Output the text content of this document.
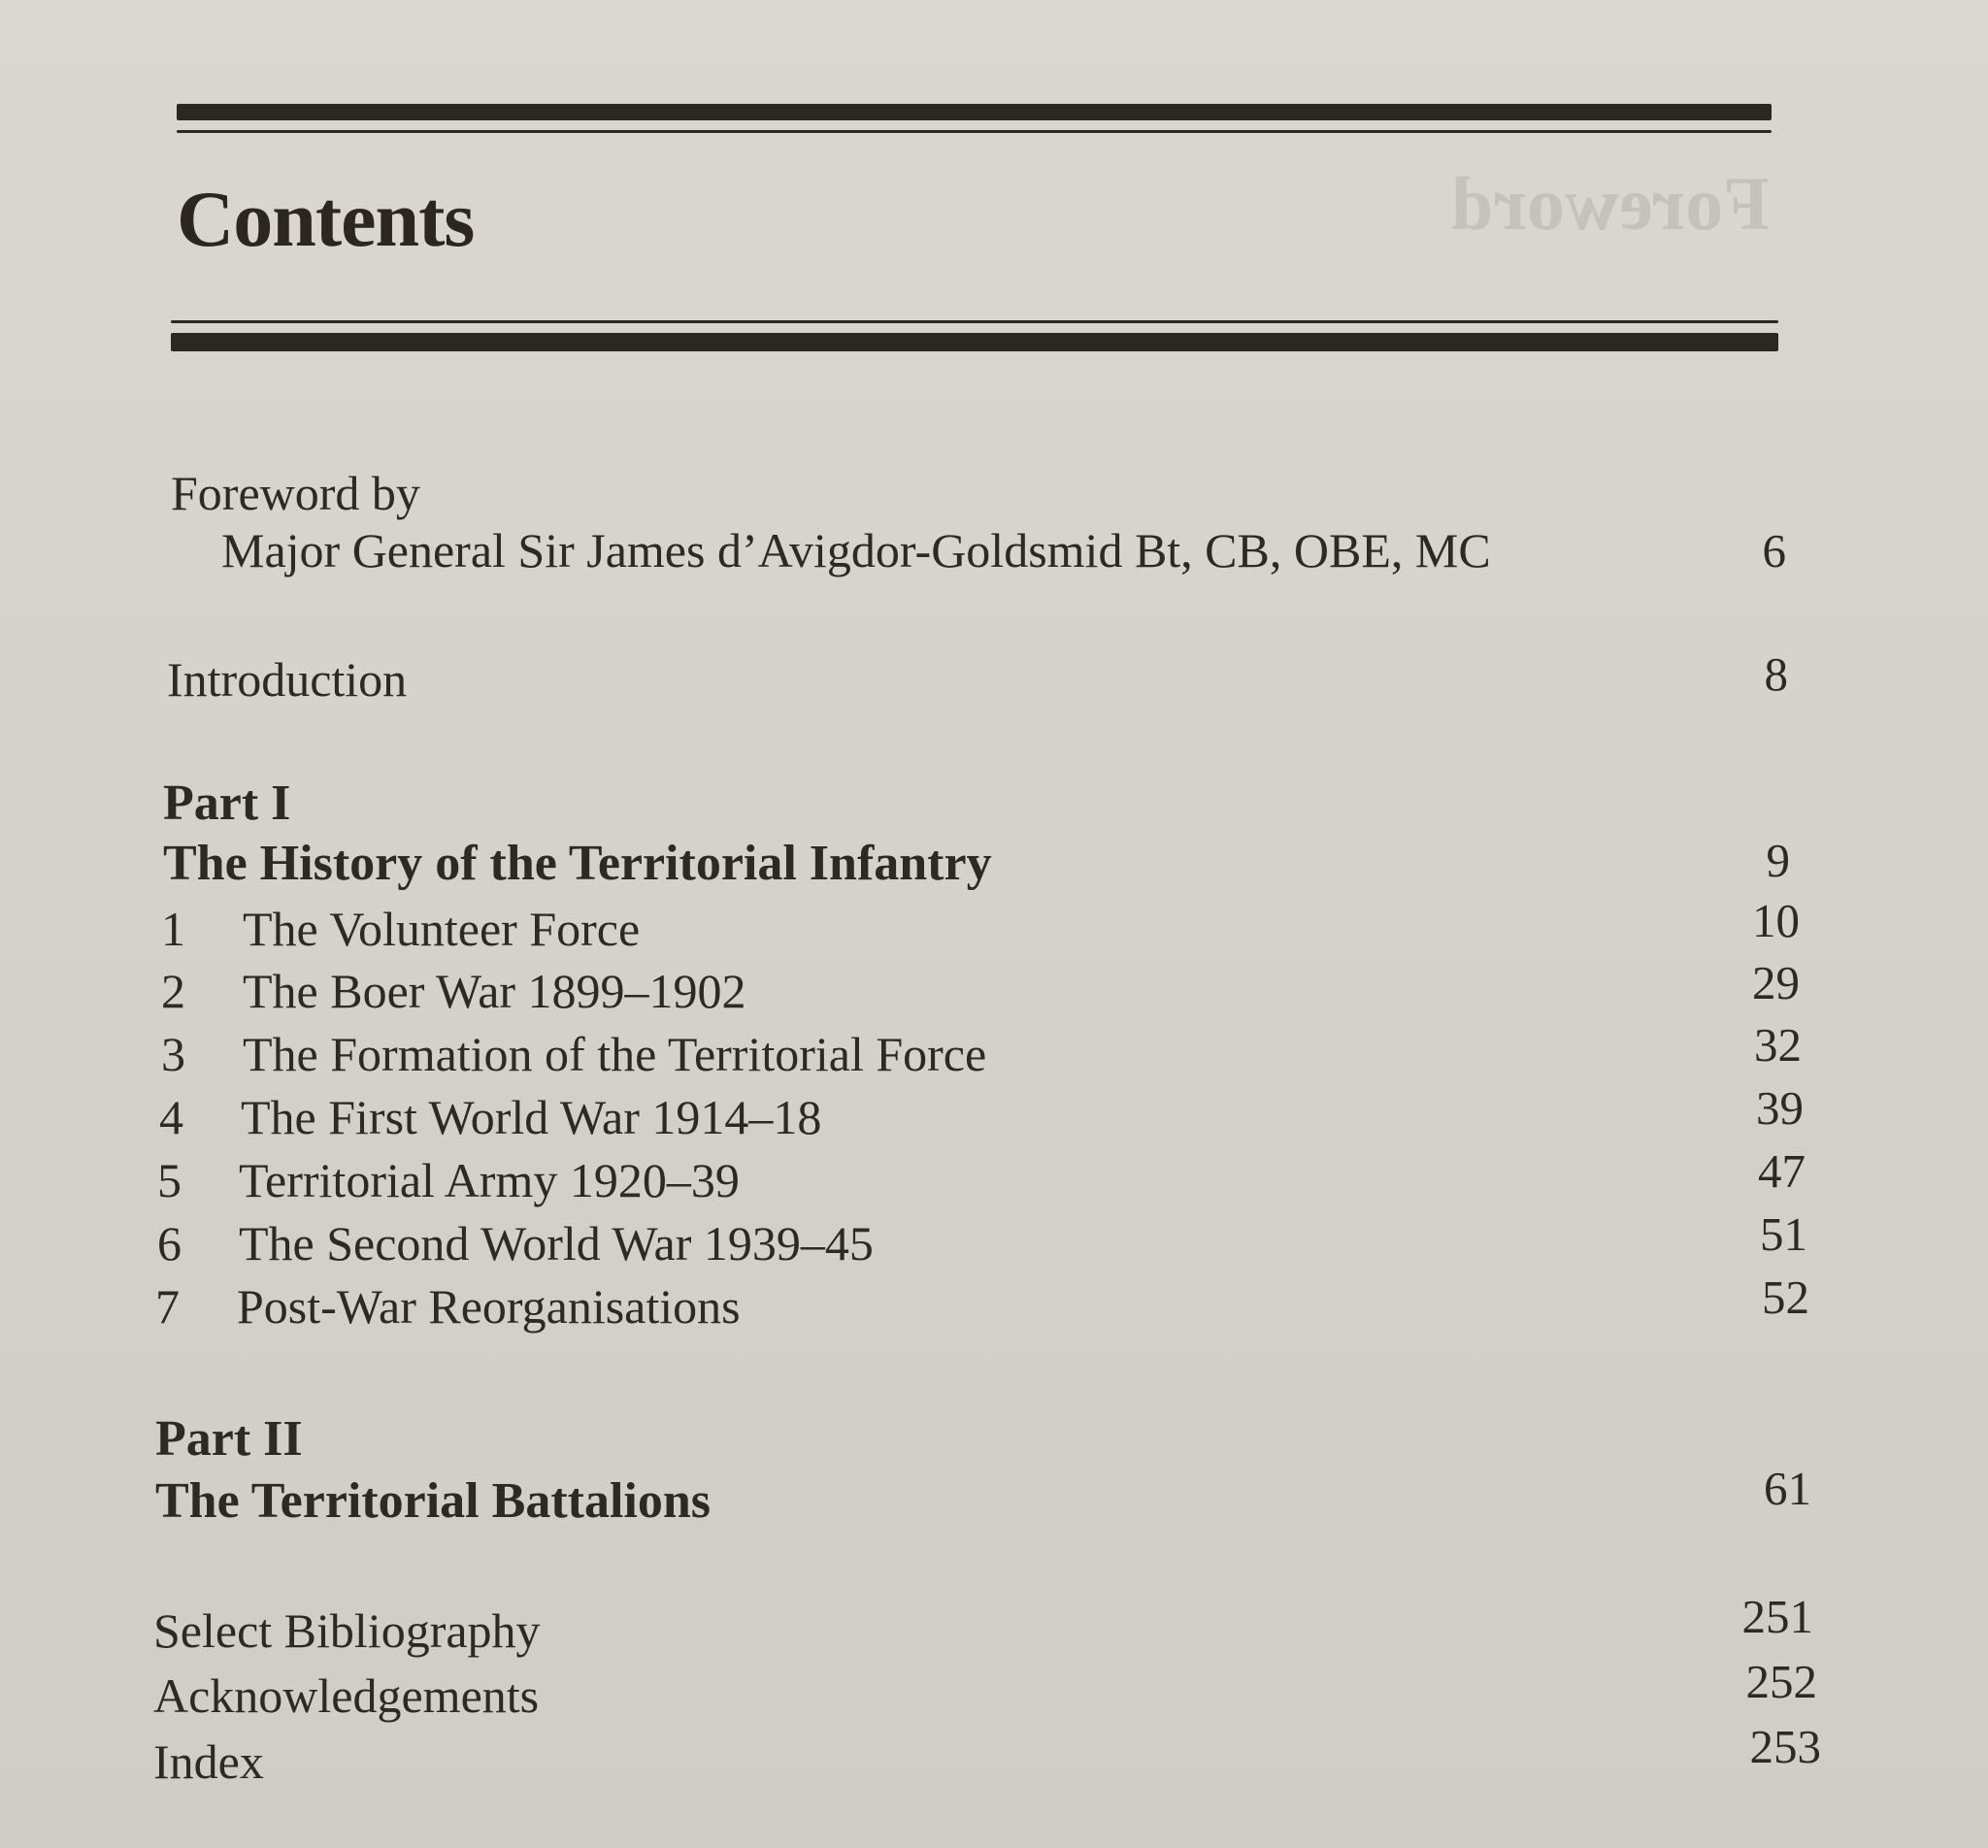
Foreword
Contents
Foreword by
Major General Sir James d’Avigdor-Goldsmid Bt, CB, OBE, MC	6
Introduction	8
Part I
The History of the Territorial Infantry	9
1 The Volunteer Force	10
2 The Boer War 1899–1902	29
3 The Formation of the Territorial Force	32
4 The First World War 1914–18	39
5 Territorial Army 1920–39	47
6 The Second World War 1939–45	51
7 Post-War Reorganisations	52
Part II
The Territorial Battalions	61
Select Bibliography	251
Acknowledgements	252
Index	253
